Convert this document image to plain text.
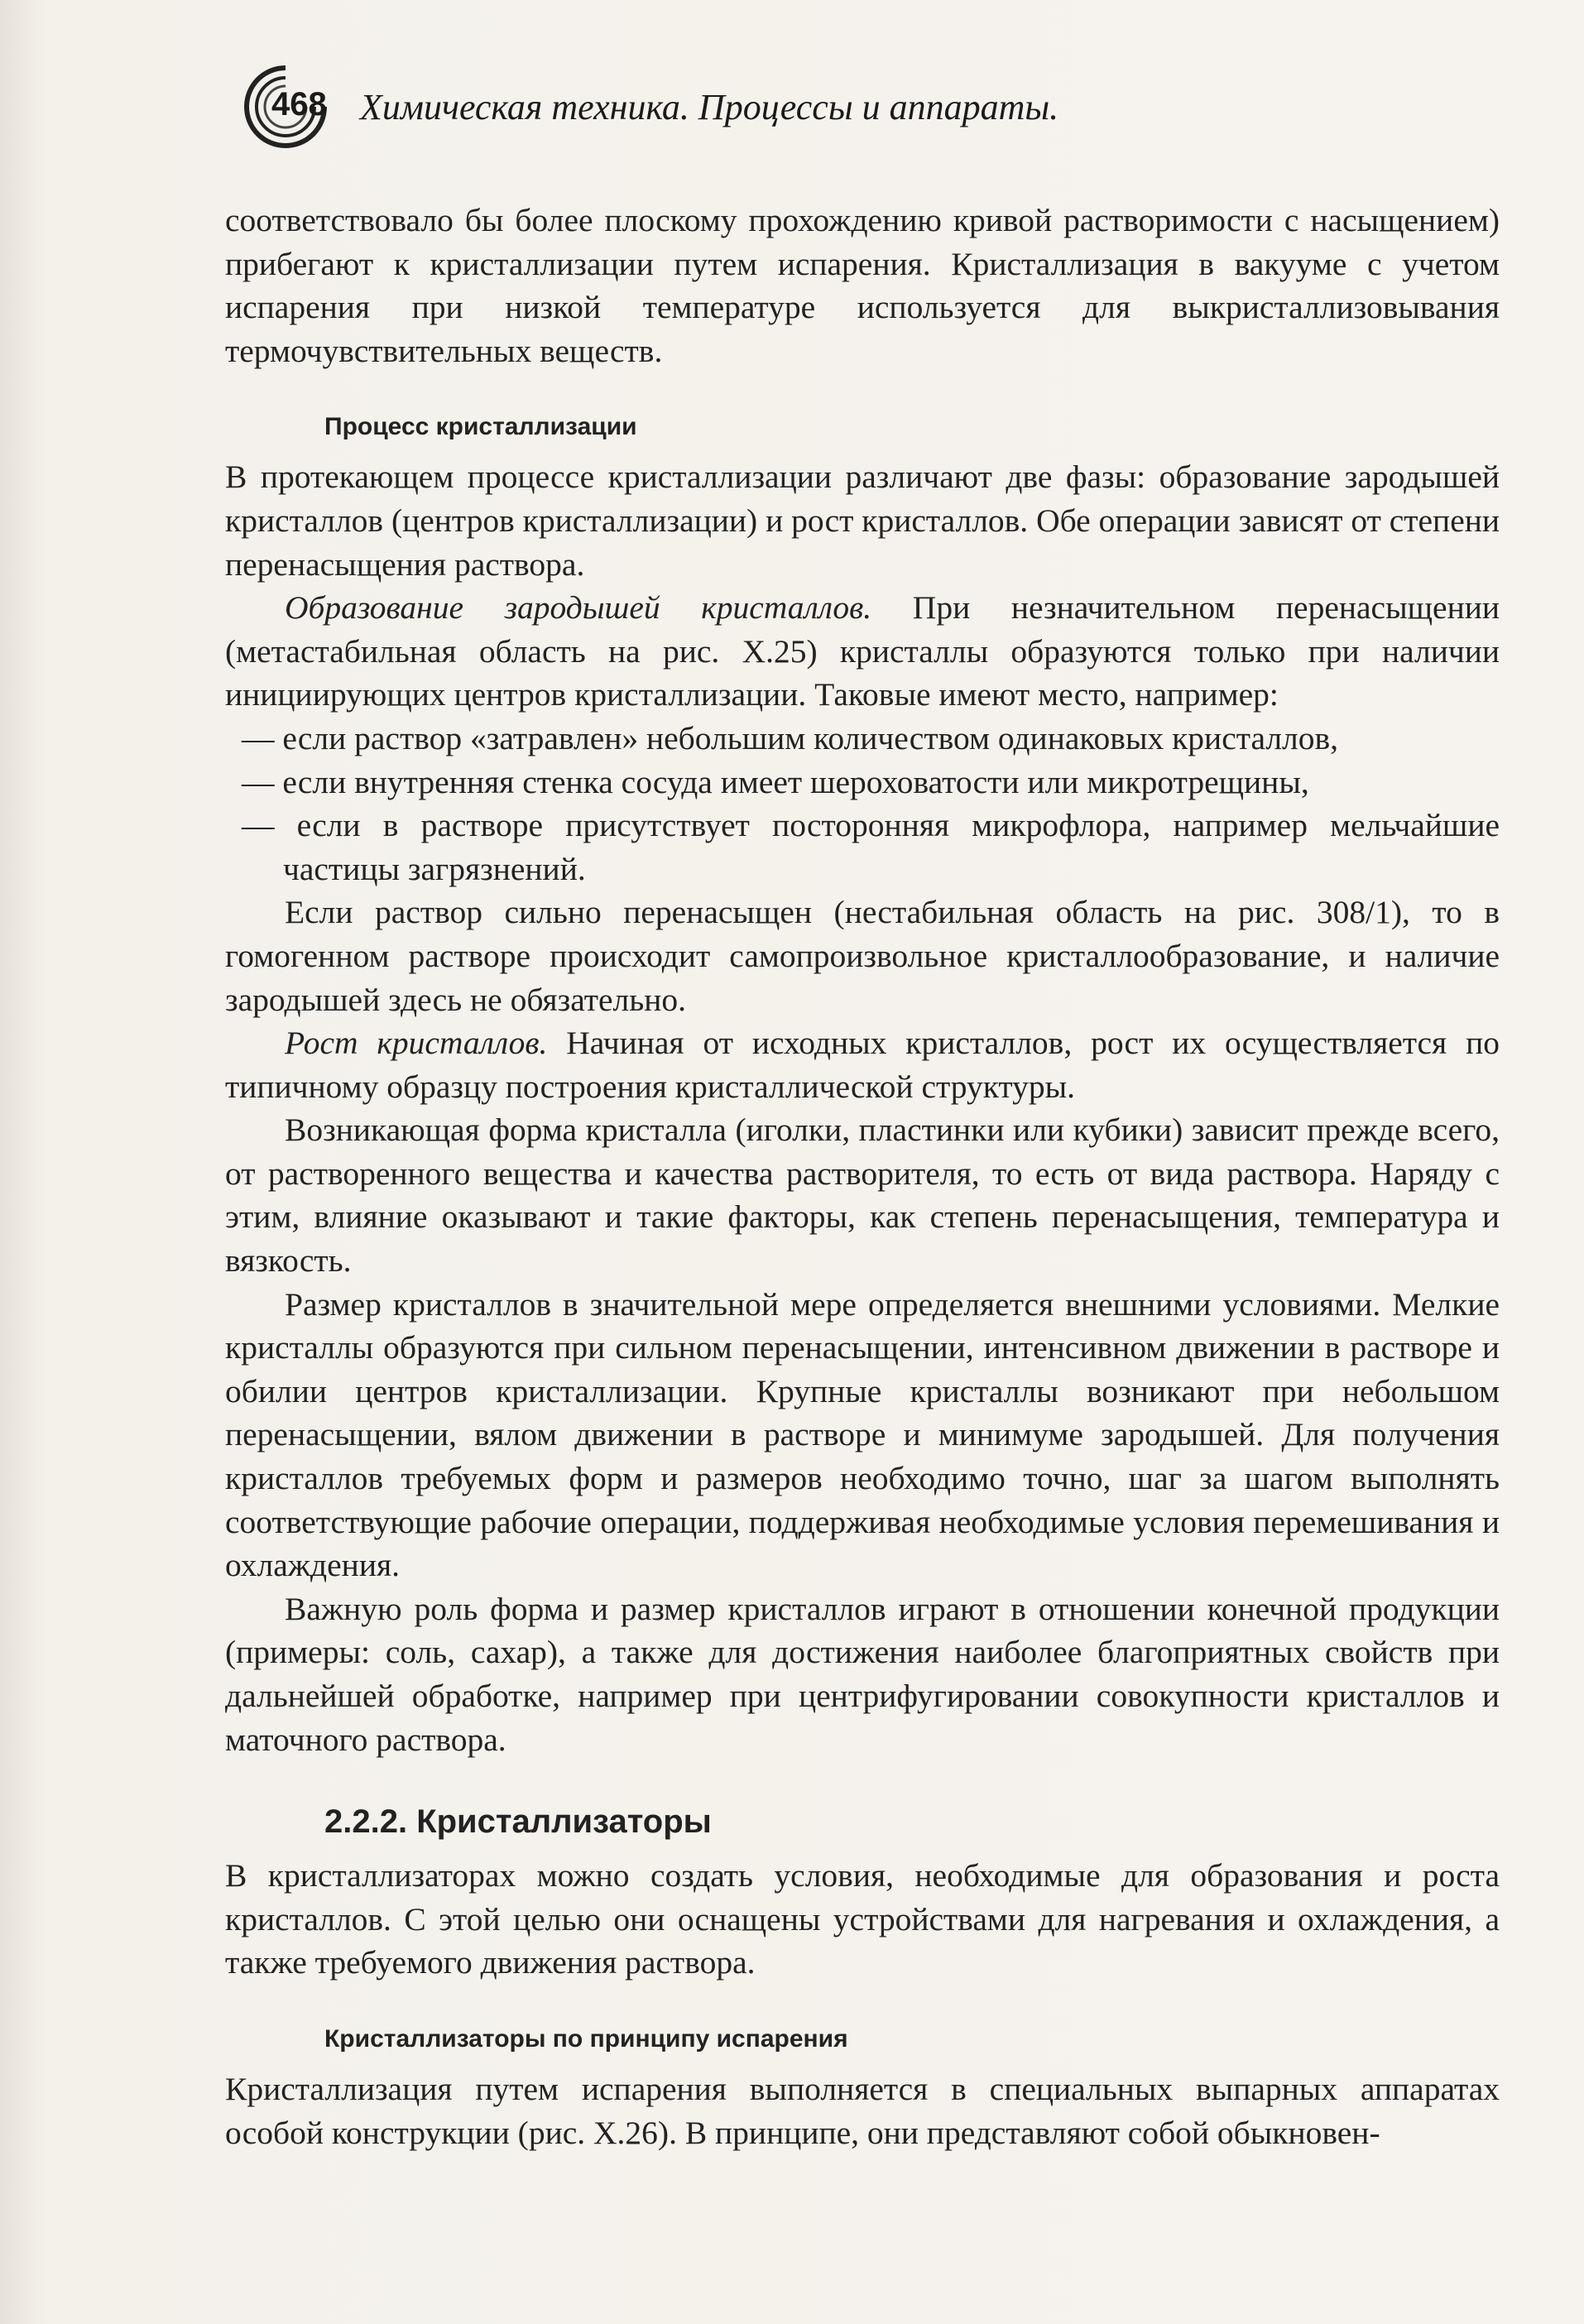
468 Химическая техника. Процессы и аппараты.

соответствовало бы более плоскому прохождению кривой растворимости с насыщением) прибегают к кристаллизации путем испарения. Кристаллизация в вакууме с учетом испарения при низкой температуре используется для выкристаллизовывания термочувствительных веществ.

Процесс кристаллизации

В протекающем процессе кристаллизации различают две фазы: образование зародышей кристаллов (центров кристаллизации) и рост кристаллов. Обе операции зависят от степени перенасыщения раствора.

Образование зародышей кристаллов. При незначительном перенасыщении (метастабильная область на рис. X.25) кристаллы образуются только при наличии инициирующих центров кристаллизации. Таковые имеют место, например:

— если раствор «затравлен» небольшим количеством одинаковых кристаллов,

— если внутренняя стенка сосуда имеет шероховатости или микротрещины,

— если в растворе присутствует посторонняя микрофлора, например мельчайшие частицы загрязнений.

Если раствор сильно перенасыщен (нестабильная область на рис. 308/1), то в гомогенном растворе происходит самопроизвольное кристаллообразование, и наличие зародышей здесь не обязательно.

Рост кристаллов. Начиная от исходных кристаллов, рост их осуществляется по типичному образцу построения кристаллической структуры.

Возникающая форма кристалла (иголки, пластинки или кубики) зависит прежде всего, от растворенного вещества и качества растворителя, то есть от вида раствора. Наряду с этим, влияние оказывают и такие факторы, как степень перенасыщения, температура и вязкость.

Размер кристаллов в значительной мере определяется внешними условиями. Мелкие кристаллы образуются при сильном перенасыщении, интенсивном движении в растворе и обилии центров кристаллизации. Крупные кристаллы возникают при небольшом перенасыщении, вялом движении в растворе и минимуме зародышей. Для получения кристаллов требуемых форм и размеров необходимо точно, шаг за шагом выполнять соответствующие рабочие операции, поддерживая необходимые условия перемешивания и охлаждения.

Важную роль форма и размер кристаллов играют в отношении конечной продукции (примеры: соль, сахар), а также для достижения наиболее благоприятных свойств при дальнейшей обработке, например при центрифугировании совокупности кристаллов и маточного раствора.

2.2.2. Кристаллизаторы

В кристаллизаторах можно создать условия, необходимые для образования и роста кристаллов. С этой целью они оснащены устройствами для нагревания и охлаждения, а также требуемого движения раствора.

Кристаллизаторы по принципу испарения

Кристаллизация путем испарения выполняется в специальных выпарных аппаратах особой конструкции (рис. X.26). В принципе, они представляют собой обыкновен-
